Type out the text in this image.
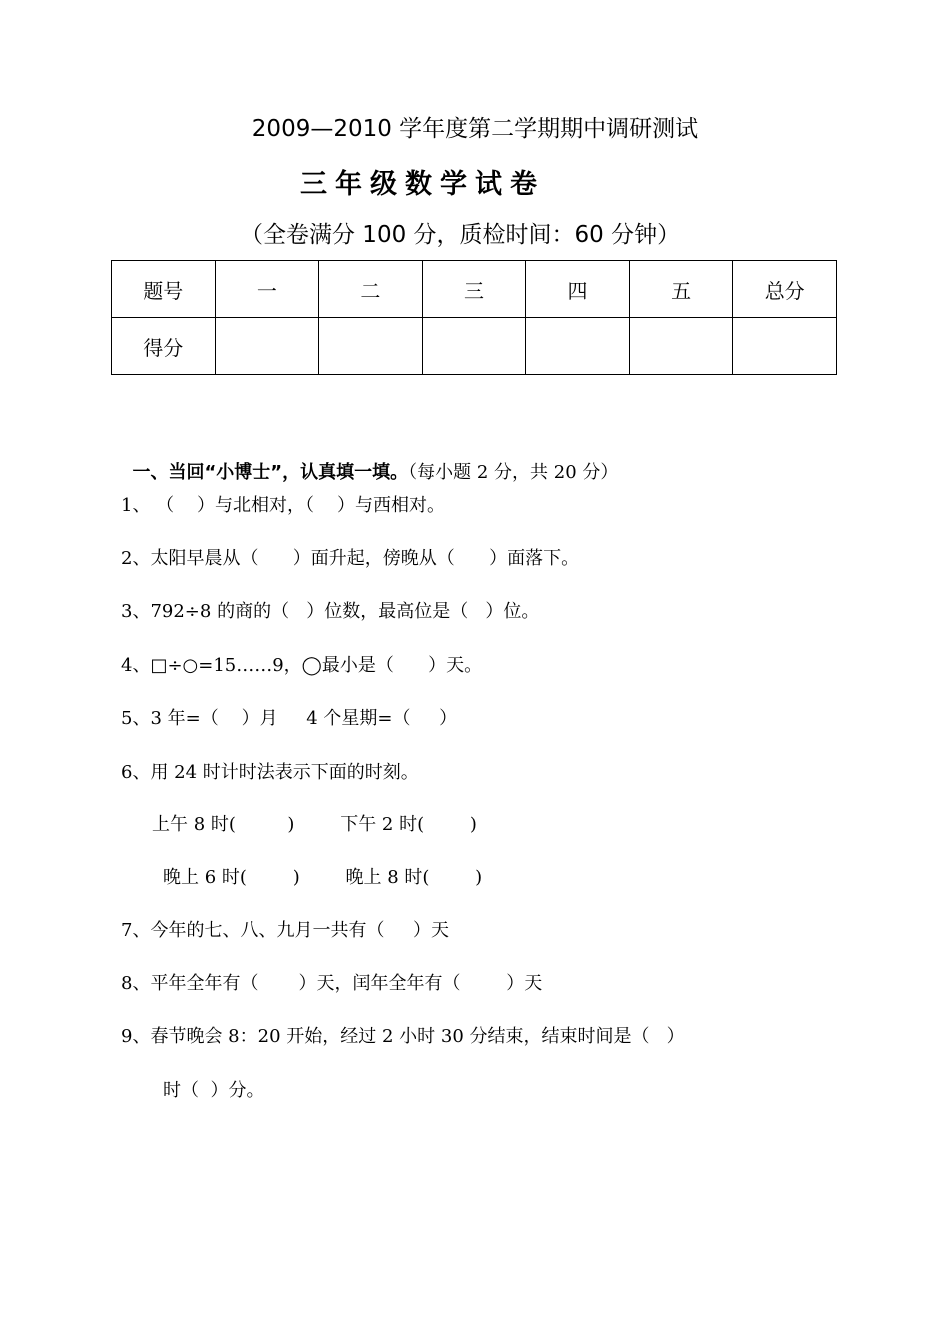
2009—2010 学年度第二学期期中调研测试
三年级数学试卷
（全卷满分 100 分，质检时间：60 分钟）
题号	一	二	三	四	五	总分
得分						

一、当回“小博士”，认真填一填。（每小题 2 分，共 20 分）

1、 （    ）与北相对，（    ）与西相对。
2、太阳早晨从（      ）面升起，傍晚从（      ）面落下。
3、792÷8 的商的（   ）位数，最高位是（   ）位。
4、□÷○=15……9，◯最小是（      ）天。
5、3 年=（    ）月     4 个星期=（     ）
6、用 24 时计时法表示下面的时刻。
上午 8 时(         )        下午 2 时(        )
晚上 6 时(        )        晚上 8 时(        )
7、今年的七、八、九月一共有（     ）天
8、平年全年有（       ）天，闰年全年有（        ）天
9、春节晚会 8：20 开始，经过 2 小时 30 分结束，结束时间是（   ）
时（  ）分。
